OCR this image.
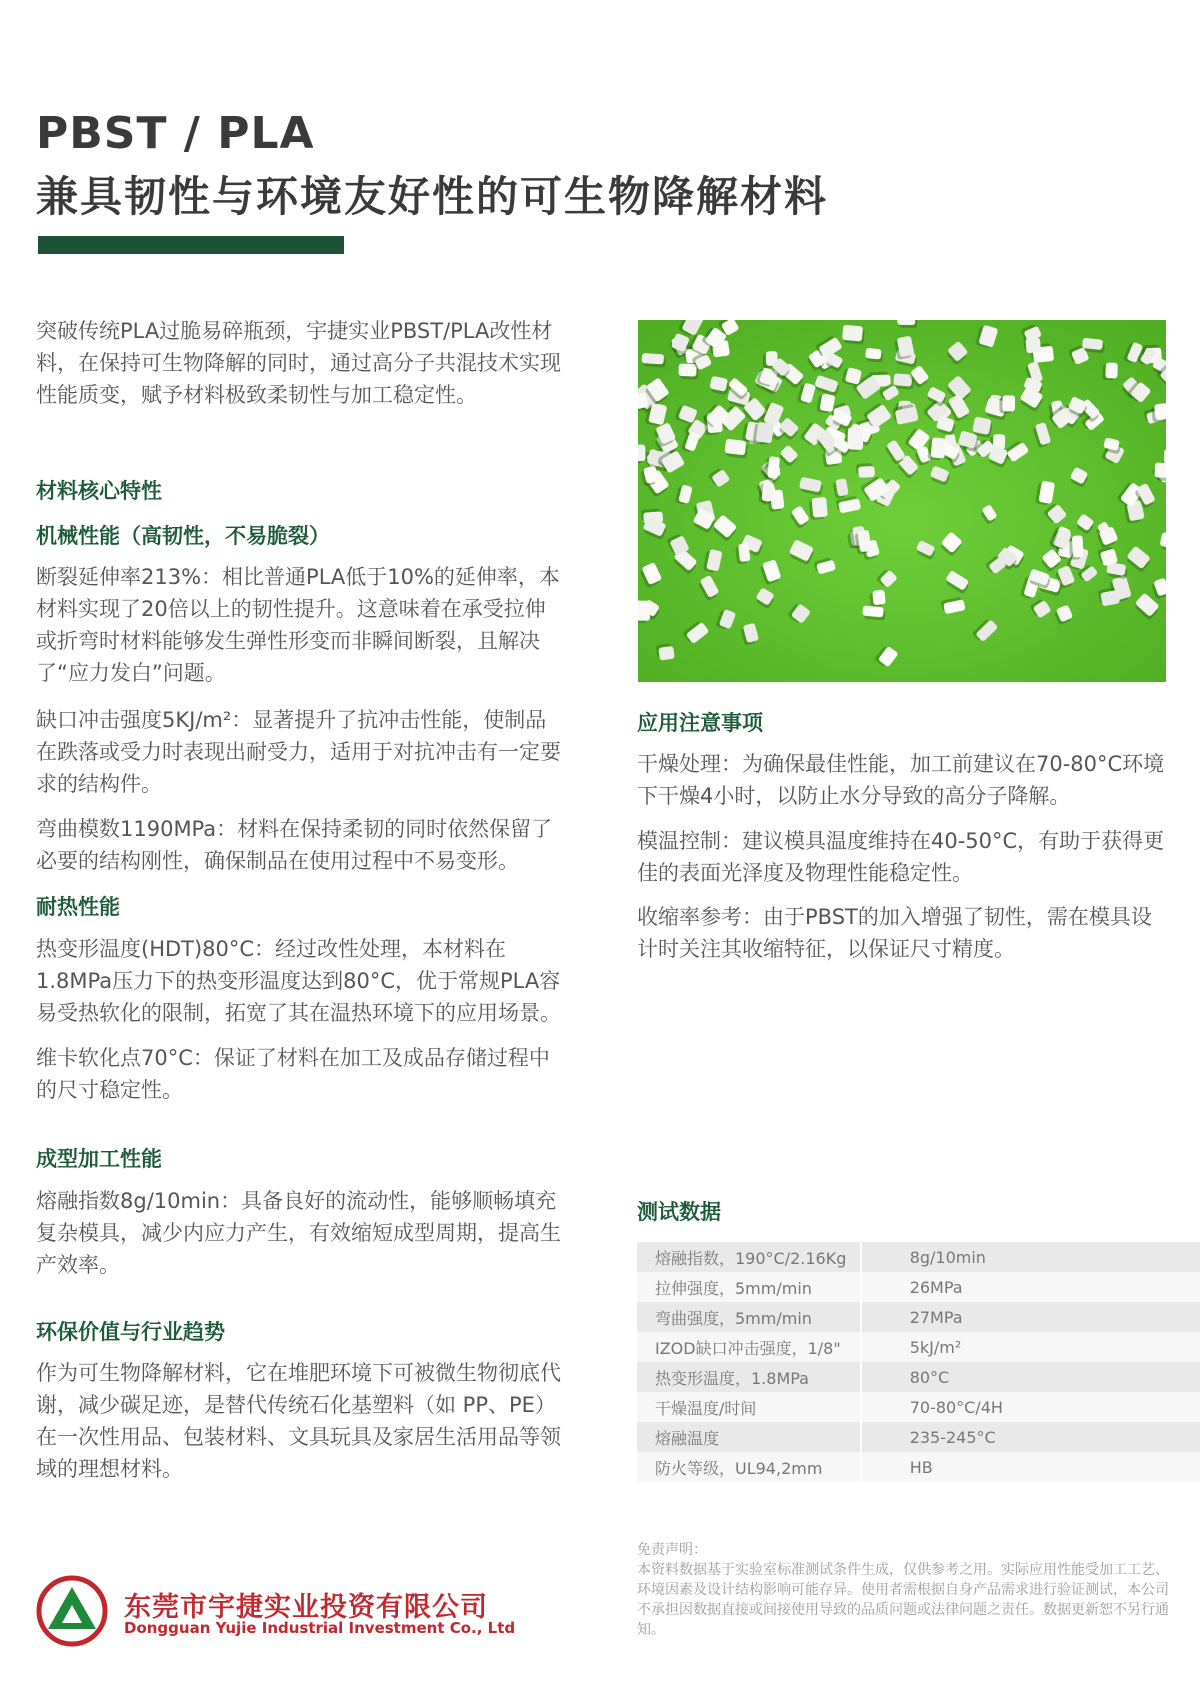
PBST / PLA
兼具韧性与环境友好性的可生物降解材料
突破传统PLA过脆易碎瓶颈，宇捷实业PBST/PLA改性材料，在保持可生物降解的同时，通过高分子共混技术实现性能质变，赋予材料极致柔韧性与加工稳定性。
材料核心特性
机械性能（高韧性，不易脆裂）
断裂延伸率213%：相比普通PLA低于10%的延伸率，本材料实现了20倍以上的韧性提升。这意味着在承受拉伸或折弯时材料能够发生弹性形变而非瞬间断裂，且解决了“应力发白”问题。
缺口冲击强度5KJ/m²：显著提升了抗冲击性能，使制品在跌落或受力时表现出耐受力，适用于对抗冲击有一定要求的结构件。
弯曲模数1190MPa：材料在保持柔韧的同时依然保留了必要的结构刚性，确保制品在使用过程中不易变形。
耐热性能
热变形温度(HDT)80°C：经过改性处理，本材料在1.8MPa压力下的热变形温度达到80°C，优于常规PLA容易受热软化的限制，拓宽了其在温热环境下的应用场景。
维卡软化点70°C：保证了材料在加工及成品存储过程中的尺寸稳定性。
成型加工性能
熔融指数8g/10min：具备良好的流动性，能够顺畅填充复杂模具，减少内应力产生，有效缩短成型周期，提高生产效率。
环保价值与行业趋势
作为可生物降解材料，它在堆肥环境下可被微生物彻底代谢，减少碳足迹，是替代传统石化基塑料（如 PP、PE）在一次性用品、包装材料、文具玩具及家居生活用品等领域的理想材料。
应用注意事项
干燥处理：为确保最佳性能，加工前建议在70-80°C环境下干燥4小时，以防止水分导致的高分子降解。
模温控制：建议模具温度维持在40-50°C，有助于获得更佳的表面光泽度及物理性能稳定性。
收缩率参考：由于PBST的加入增强了韧性，需在模具设计时关注其收缩特征，以保证尺寸精度。
测试数据
熔融指数，190°C/2.16Kg	8g/10min
拉伸强度，5mm/min	26MPa
弯曲强度，5mm/min	27MPa
IZOD缺口冲击强度，1/8"	5kJ/m²
热变形温度，1.8MPa	80°C
干燥温度/时间	70-80°C/4H
熔融温度	235-245°C
防火等级，UL94,2mm	HB
免责声明：
本资料数据基于实验室标准测试条件生成，仅供参考之用。实际应用性能受加工工艺、环境因素及设计结构影响可能存异。使用者需根据自身产品需求进行验证测试，本公司不承担因数据直接或间接使用导致的品质问题或法律问题之责任。数据更新恕不另行通知。
东莞市宇捷实业投资有限公司
Dongguan Yujie Industrial Investment Co., Ltd
